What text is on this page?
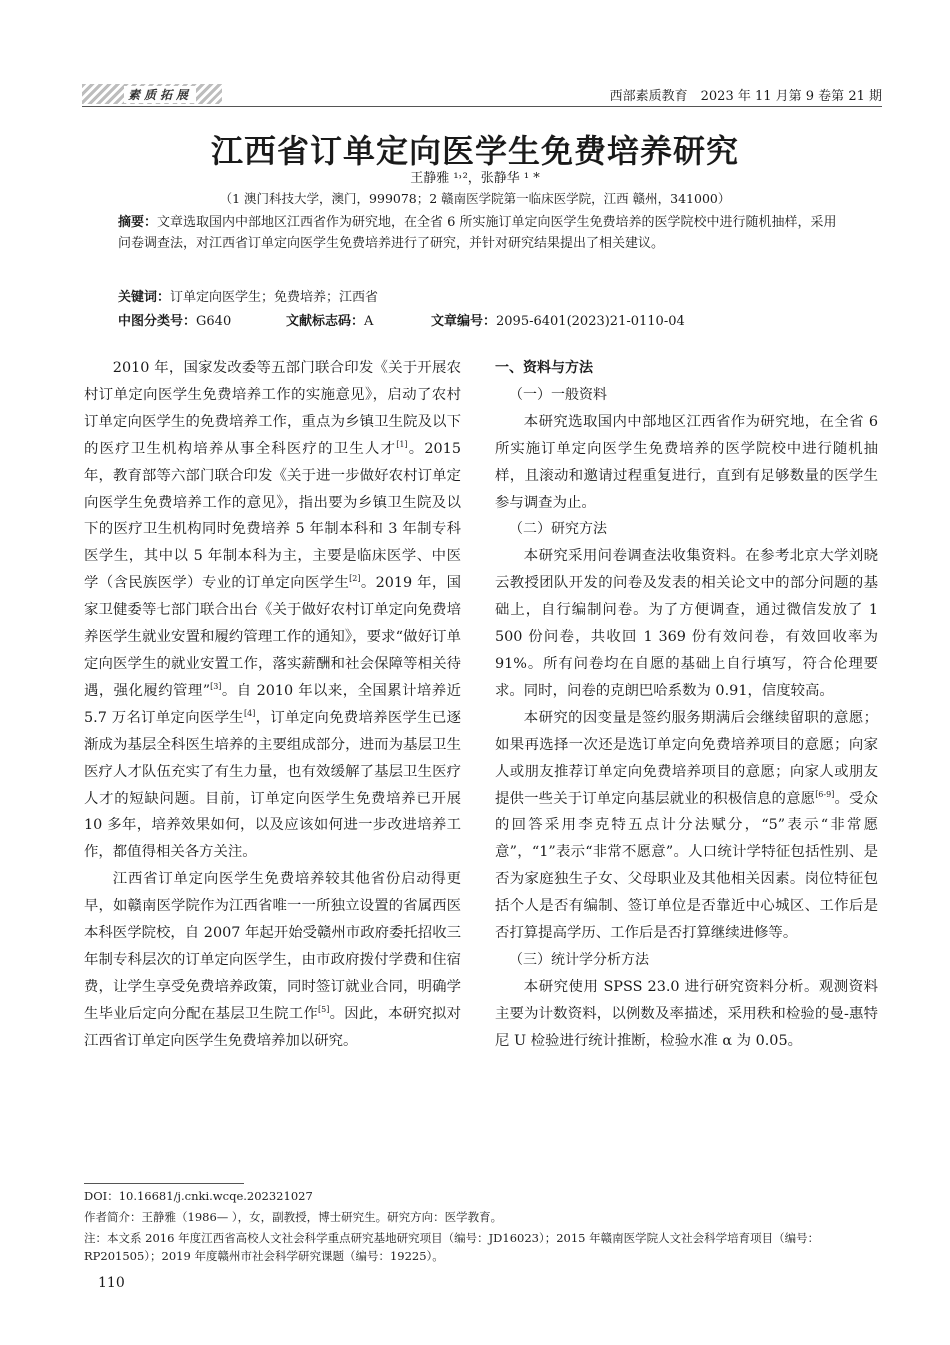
素质拓展	西部素质教育　2023 年 11 月第 9 卷第 21 期
江西省订单定向医学生免费培养研究
王静雅 ¹˒²，张静华 ¹ *
（1 澳门科技大学，澳门，999078；2 赣南医学院第一临床医学院，江西 赣州，341000）
摘要：文章选取国内中部地区江西省作为研究地，在全省 6 所实施订单定向医学生免费培养的医学院校中进行随机抽样，采用问卷调查法，对江西省订单定向医学生免费培养进行了研究，并针对研究结果提出了相关建议。
关键词：订单定向医学生；免费培养；江西省
中图分类号：G640	文献标志码：A	文章编号：2095-6401(2023)21-0110-04

2010 年，国家发改委等五部门联合印发《关于开展农村订单定向医学生免费培养工作的实施意见》，启动了农村订单定向医学生的免费培养工作，重点为乡镇卫生院及以下的医疗卫生机构培养从事全科医疗的卫生人才[1]。2015 年，教育部等六部门联合印发《关于进一步做好农村订单定向医学生免费培养工作的意见》，指出要为乡镇卫生院及以下的医疗卫生机构同时免费培养 5 年制本科和 3 年制专科医学生，其中以 5 年制本科为主，主要是临床医学、中医学（含民族医学）专业的订单定向医学生[2]。2019 年，国家卫健委等七部门联合出台《关于做好农村订单定向免费培养医学生就业安置和履约管理工作的通知》，要求“做好订单定向医学生的就业安置工作，落实薪酬和社会保障等相关待遇，强化履约管理”[3]。自 2010 年以来，全国累计培养近 5.7 万名订单定向医学生[4]，订单定向免费培养医学生已逐渐成为基层全科医生培养的主要组成部分，进而为基层卫生医疗人才队伍充实了有生力量，也有效缓解了基层卫生医疗人才的短缺问题。目前，订单定向医学生免费培养已开展 10 多年，培养效果如何，以及应该如何进一步改进培养工作，都值得相关各方关注。

江西省订单定向医学生免费培养较其他省份启动得更早，如赣南医学院作为江西省唯一一所独立设置的省属西医本科医学院校，自 2007 年起开始受赣州市政府委托招收三年制专科层次的订单定向医学生，由市政府拨付学费和住宿费，让学生享受免费培养政策，同时签订就业合同，明确学生毕业后定向分配在基层卫生院工作[5]。因此，本研究拟对江西省订单定向医学生免费培养加以研究。

一、资料与方法
（一）一般资料

本研究选取国内中部地区江西省作为研究地，在全省 6 所实施订单定向医学生免费培养的医学院校中进行随机抽样，且滚动和邀请过程重复进行，直到有足够数量的医学生参与调查为止。

（二）研究方法

本研究采用问卷调查法收集资料。在参考北京大学刘晓云教授团队开发的问卷及发表的相关论文中的部分问题的基础上，自行编制问卷。为了方便调查，通过微信发放了 1 500 份问卷，共收回 1 369 份有效问卷，有效回收率为 91%。所有问卷均在自愿的基础上自行填写，符合伦理要求。同时，问卷的克朗巴哈系数为 0.91，信度较高。

本研究的因变量是签约服务期满后会继续留职的意愿；如果再选择一次还是选订单定向免费培养项目的意愿；向家人或朋友推荐订单定向免费培养项目的意愿；向家人或朋友提供一些关于订单定向基层就业的积极信息的意愿[6-9]。受众的回答采用李克特五点计分法赋分，“5”表示“非常愿意”，“1”表示“非常不愿意”。人口统计学特征包括性别、是否为家庭独生子女、父母职业及其他相关因素。岗位特征包括个人是否有编制、签订单位是否靠近中心城区、工作后是否打算提高学历、工作后是否打算继续进修等。

（三）统计学分析方法

本研究使用 SPSS 23.0 进行研究资料分析。观测资料主要为计数资料，以例数及率描述，采用秩和检验的曼-惠特尼 U 检验进行统计推断，检验水准 α 为 0.05。

DOI：10.16681/j.cnki.wcqe.202321027
作者简介：王静雅（1986— ），女，副教授，博士研究生。研究方向：医学教育。
注：本文系 2016 年度江西省高校人文社会科学重点研究基地研究项目（编号：JD16023）；2015 年赣南医学院人文社会科学培育项目（编号：RP201505）；2019 年度赣州市社会科学研究课题（编号：19225）。
110
